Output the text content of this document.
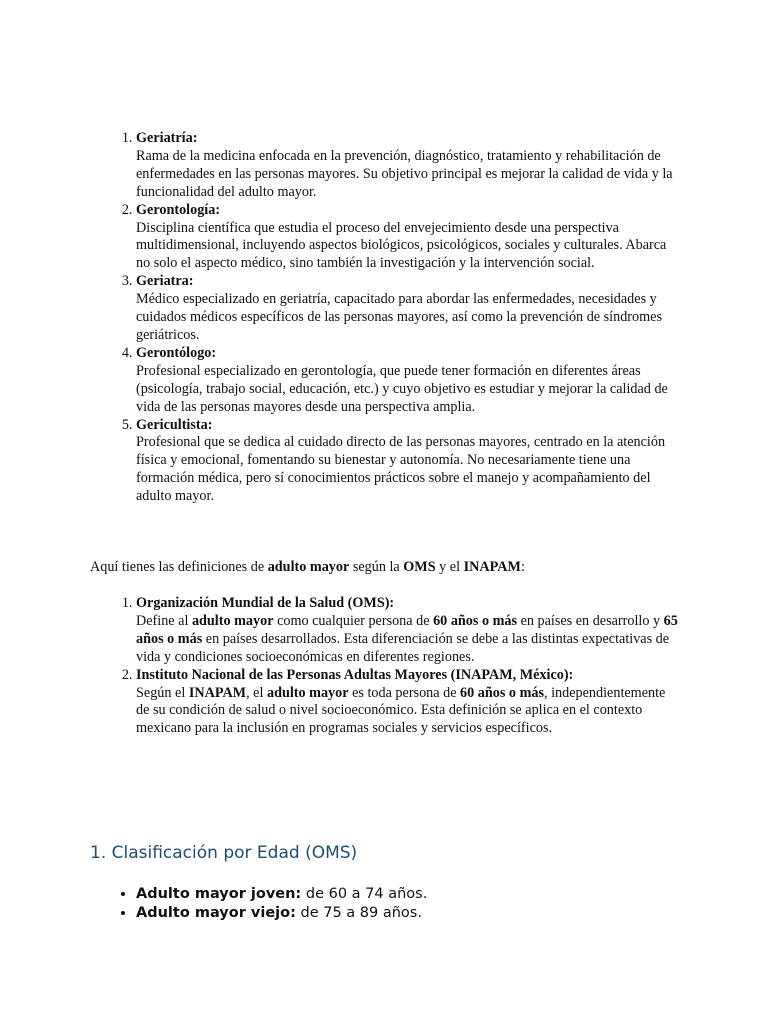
1. Geriatría:
Rama de la medicina enfocada en la prevención, diagnóstico, tratamiento y rehabilitación de enfermedades en las personas mayores. Su objetivo principal es mejorar la calidad de vida y la funcionalidad del adulto mayor.
2. Gerontología:
Disciplina científica que estudia el proceso del envejecimiento desde una perspectiva multidimensional, incluyendo aspectos biológicos, psicológicos, sociales y culturales. Abarca no solo el aspecto médico, sino también la investigación y la intervención social.
3. Geriatra:
Médico especializado en geriatría, capacitado para abordar las enfermedades, necesidades y cuidados médicos específicos de las personas mayores, así como la prevención de síndromes geriátricos.
4. Gerontólogo:
Profesional especializado en gerontología, que puede tener formación en diferentes áreas (psicología, trabajo social, educación, etc.) y cuyo objetivo es estudiar y mejorar la calidad de vida de las personas mayores desde una perspectiva amplia.
5. Gericultista:
Profesional que se dedica al cuidado directo de las personas mayores, centrado en la atención física y emocional, fomentando su bienestar y autonomía. No necesariamente tiene una formación médica, pero sí conocimientos prácticos sobre el manejo y acompañamiento del adulto mayor.

Aquí tienes las definiciones de adulto mayor según la OMS y el INAPAM:

1. Organización Mundial de la Salud (OMS):
Define al adulto mayor como cualquier persona de 60 años o más en países en desarrollo y 65 años o más en países desarrollados. Esta diferenciación se debe a las distintas expectativas de vida y condiciones socioeconómicas en diferentes regiones.
2. Instituto Nacional de las Personas Adultas Mayores (INAPAM, México):
Según el INAPAM, el adulto mayor es toda persona de 60 años o más, independientemente de su condición de salud o nivel socioeconómico. Esta definición se aplica en el contexto mexicano para la inclusión en programas sociales y servicios específicos.
1. Clasificación por Edad (OMS)
• Adulto mayor joven: de 60 a 74 años.
• Adulto mayor viejo: de 75 a 89 años.
